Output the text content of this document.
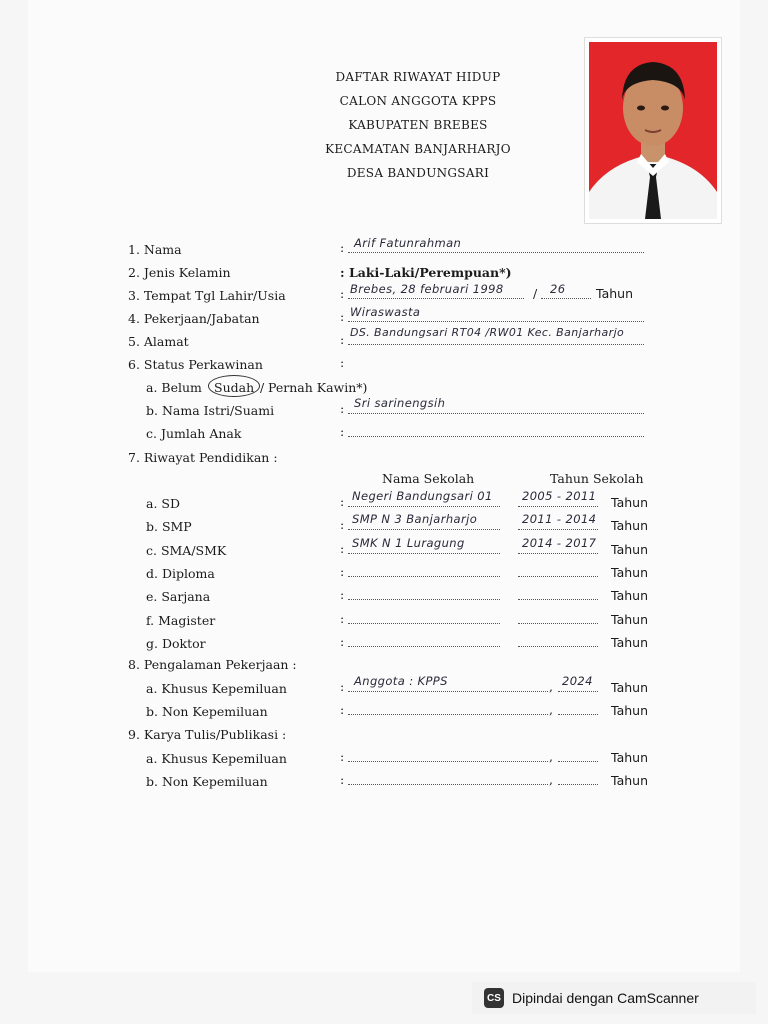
DAFTAR RIWAYAT HIDUP
CALON ANGGOTA KPPS
KABUPATEN BREBES
KECAMATAN BANJARHARJO
DESA BANDUNGSARI
1. Nama	: Arif Fatunrahman
2. Jenis Kelamin	: Laki-Laki/Perempuan*)
3. Tempat Tgl Lahir/Usia	: Brebes, 28 februari 1998 / 26 Tahun
4. Pekerjaan/Jabatan	: Wiraswasta
5. Alamat	: DS. Bandungsari RT04 /RW01 Kec. Banjarharjo
6. Status Perkawinan	:
a. Belum Sudah / Pernah Kawin*)
b. Nama Istri/Suami	: Sri sarinengsih
c. Jumlah Anak	:
7. Riwayat Pendidikan :
Nama Sekolah	Tahun Sekolah
a. SD	: Negeri Bandungsari 01	2005 - 2011 Tahun
b. SMP	: SMP N 3 Banjarharjo	2011 - 2014 Tahun
c. SMA/SMK	: SMK N 1 Luragung	2014 - 2017 Tahun
d. Diploma	:	Tahun
e. Sarjana	:	Tahun
f. Magister	:	Tahun
g. Doktor	:	Tahun
8. Pengalaman Pekerjaan :
a. Khusus Kepemiluan	: Anggota : KPPS	, 2024 Tahun
b. Non Kepemiluan	:	,	Tahun
9. Karya Tulis/Publikasi :
a. Khusus Kepemiluan	:	,	Tahun
b. Non Kepemiluan	:	,	Tahun
CS Dipindai dengan CamScanner
